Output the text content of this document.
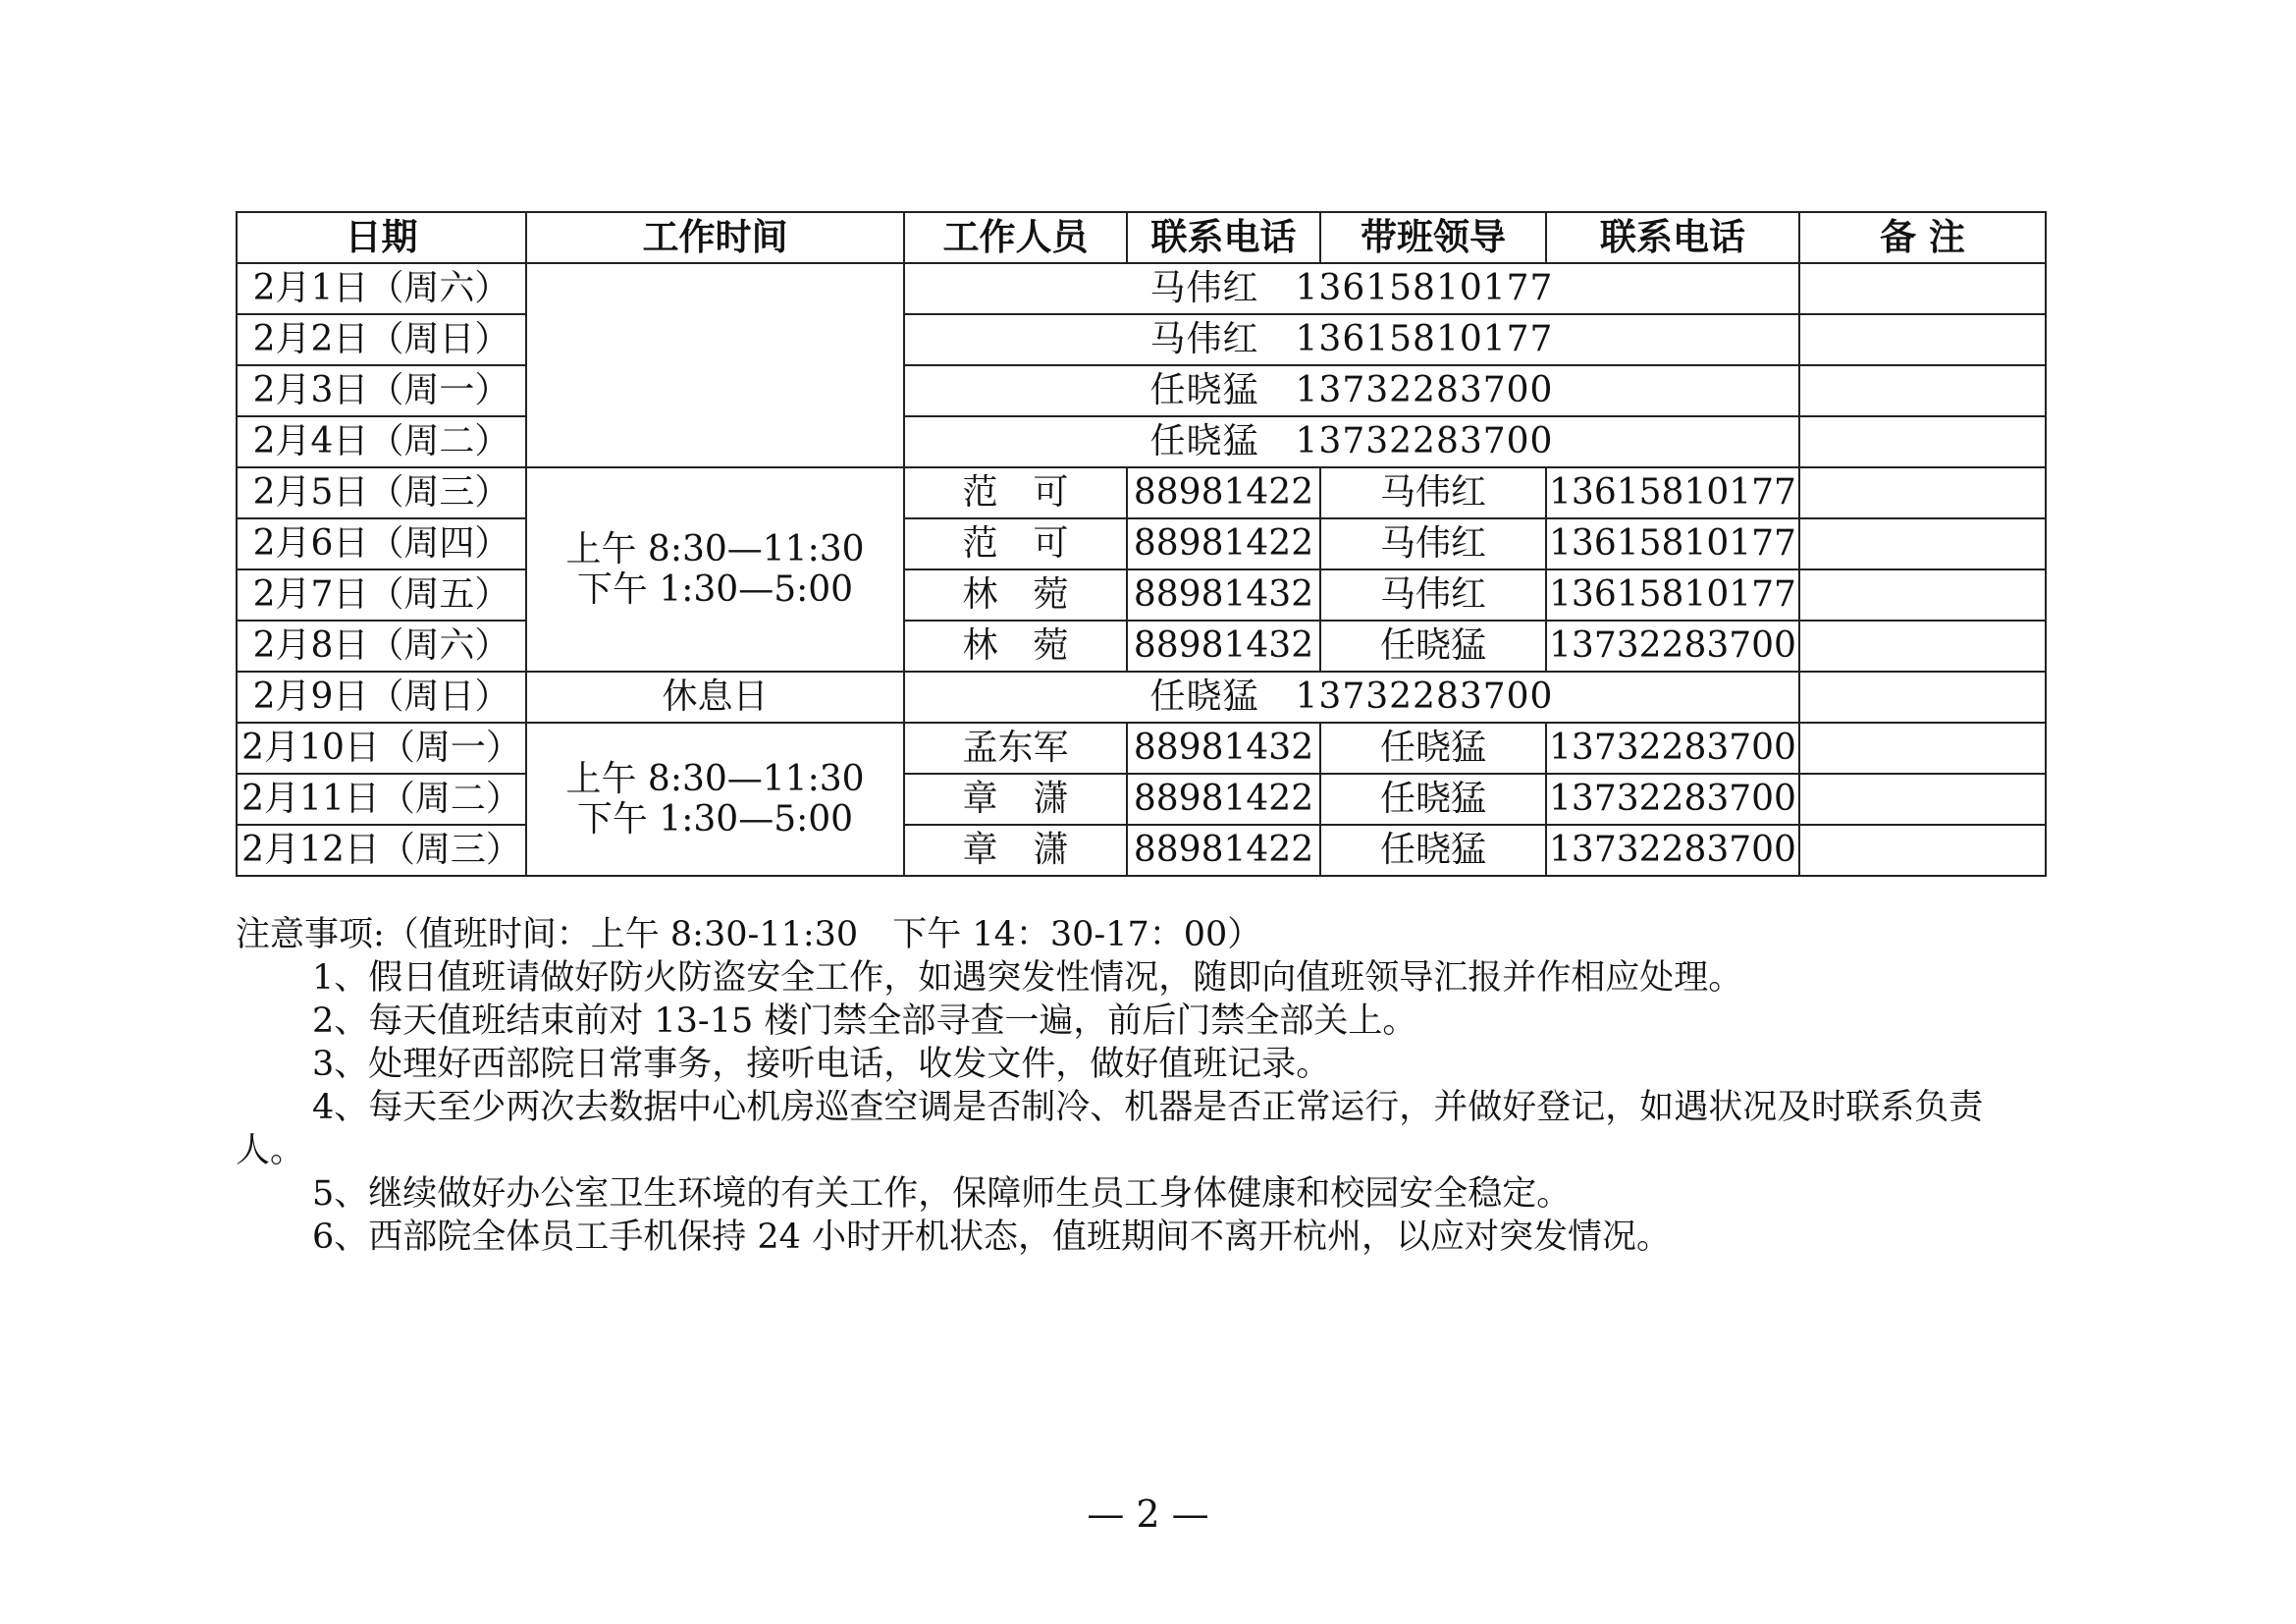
日期	工作时间	工作人员	联系电话	带班领导	联系电话	备 注
2月1日（周六）		马伟红　13615810177				
2月2日（周日）		马伟红　13615810177				
2月3日（周一）		任晓猛　13732283700				
2月4日（周二）		任晓猛　13732283700				
2月5日（周三）	上午 8:30—11:30
下午 1:30—5:00	范　可	88981422	马伟红	13615810177	
2月6日（周四）		范　可	88981422	马伟红	13615810177	
2月7日（周五）		林　菀	88981432	马伟红	13615810177	
2月8日（周六）		林　菀	88981432	任晓猛	13732283700	
2月9日（周日）	休息日	任晓猛　13732283700				
2月10日（周一）	上午 8:30—11:30
下午 1:30—5:00	孟东军	88981432	任晓猛	13732283700	
2月11日（周二）		章　潇	88981422	任晓猛	13732283700	
2月12日（周三）		章　潇	88981422	任晓猛	13732283700	

注意事项:（值班时间：上午 8:30-11:30　下午 14：30-17：00）

1、假日值班请做好防火防盗安全工作，如遇突发性情况，随即向值班领导汇报并作相应处理。

2、每天值班结束前对 13-15 楼门禁全部寻查一遍，前后门禁全部关上。

3、处理好西部院日常事务，接听电话，收发文件，做好值班记录。

4、每天至少两次去数据中心机房巡查空调是否制冷、机器是否正常运行，并做好登记，如遇状况及时联系负责人。

5、继续做好办公室卫生环境的有关工作，保障师生员工身体健康和校园安全稳定。

6、西部院全体员工手机保持 24 小时开机状态，值班期间不离开杭州，以应对突发情况。

— 2 —
